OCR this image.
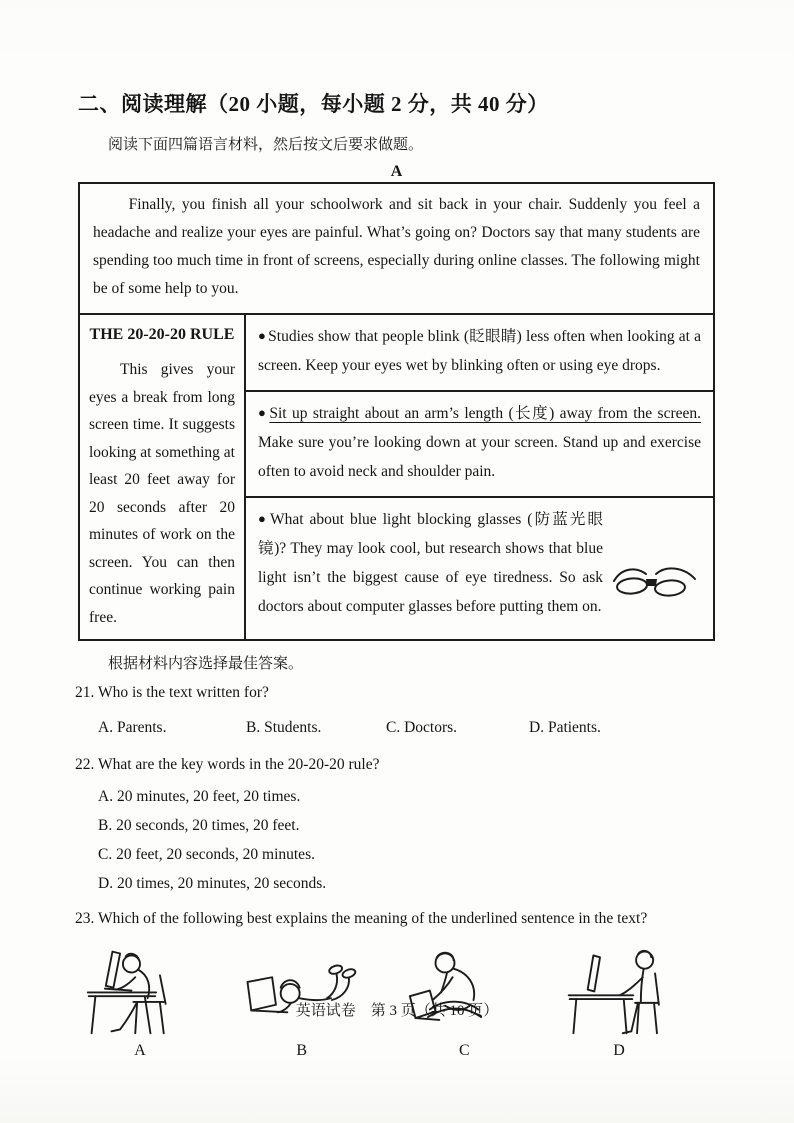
二、阅读理解（20 小题，每小题 2 分，共 40 分）
阅读下面四篇语言材料，然后按文后要求做题。
A
Finally, you finish all your schoolwork and sit back in your chair. Suddenly you feel a headache and realize your eyes are painful. What’s going on? Doctors say that many students are spending too much time in front of screens, especially during online classes. The following might be of some help to you.
THE 20-20-20 RULE
This gives your eyes a break from long screen time. It suggests looking at something at least 20 feet away for 20 seconds after 20 minutes of work on the screen. You can then continue working pain free.
● Studies show that people blink (眨眼睛) less often when looking at a screen. Keep your eyes wet by blinking often or using eye drops.
● Sit up straight about an arm’s length (长度) away from the screen. Make sure you’re looking down at your screen. Stand up and exercise often to avoid neck and shoulder pain.
● What about blue light blocking glasses (防蓝光眼镜)? They may look cool, but research shows that blue light isn’t the biggest cause of eye tiredness. So ask doctors about computer glasses before putting them on.
根据材料内容选择最佳答案。
21. Who is the text written for?
A. Parents.	B. Students.	C. Doctors.	D. Patients.
22. What are the key words in the 20-20-20 rule?
A. 20 minutes, 20 feet, 20 times.
B. 20 seconds, 20 times, 20 feet.
C. 20 feet, 20 seconds, 20 minutes.
D. 20 times, 20 minutes, 20 seconds.
23. Which of the following best explains the meaning of the underlined sentence in the text?
A	B	C	D
英语试卷　第 3 页（共 10 页）
